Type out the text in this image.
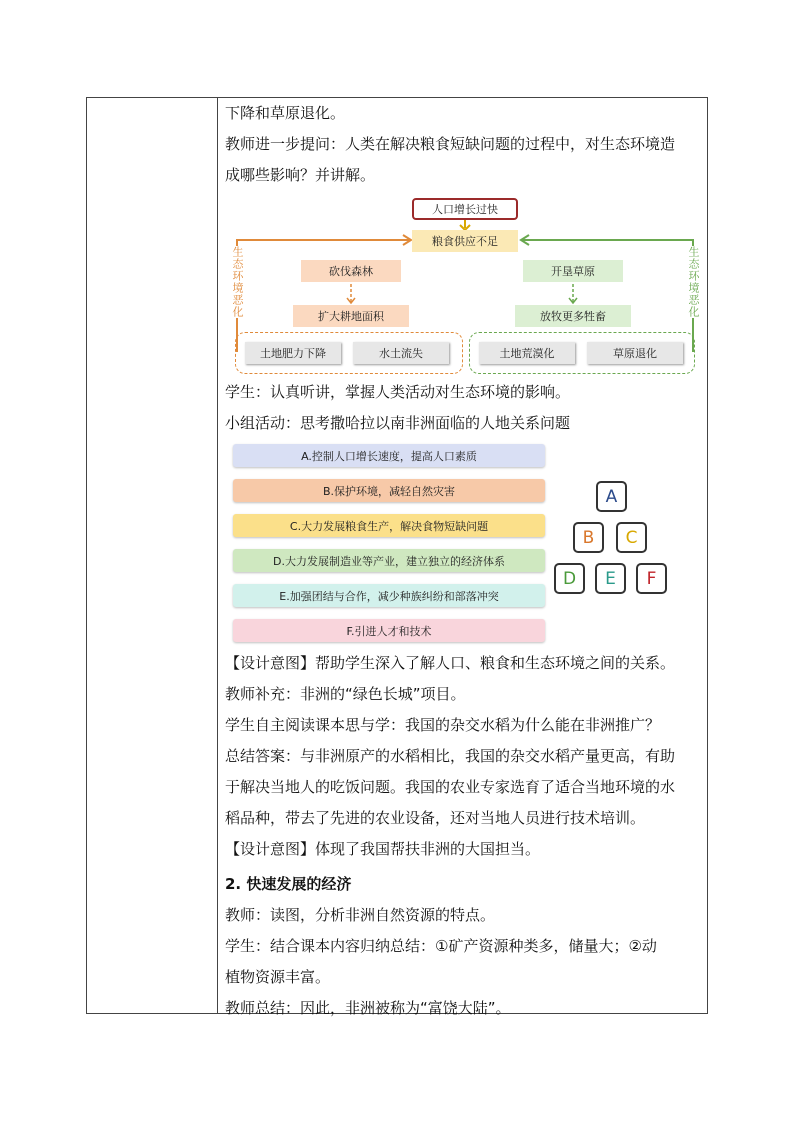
下降和草原退化。
教师进一步提问：人类在解决粮食短缺问题的过程中，对生态环境造
成哪些影响？并讲解。
人口增长过快
粮食供应不足
砍伐森林
扩大耕地面积
开垦草原
放牧更多牲畜
土地肥力下降	水土流失	土地荒漠化	草原退化
生态环境恶化	生态环境恶化
学生：认真听讲，掌握人类活动对生态环境的影响。
小组活动：思考撒哈拉以南非洲面临的人地关系问题
A.控制人口增长速度，提高人口素质
B.保护环境，减轻自然灾害
C.大力发展粮食生产，解决食物短缺问题
D.大力发展制造业等产业，建立独立的经济体系
E.加强团结与合作，减少种族纠纷和部落冲突
F.引进人才和技术
A
B	C
D	E	F
【设计意图】帮助学生深入了解人口、粮食和生态环境之间的关系。
教师补充：非洲的“绿色长城”项目。
学生自主阅读课本思与学：我国的杂交水稻为什么能在非洲推广？
总结答案：与非洲原产的水稻相比，我国的杂交水稻产量更高，有助
于解决当地人的吃饭问题。我国的农业专家选育了适合当地环境的水
稻品种，带去了先进的农业设备，还对当地人员进行技术培训。
【设计意图】体现了我国帮扶非洲的大国担当。
2. 快速发展的经济
教师：读图，分析非洲自然资源的特点。
学生：结合课本内容归纳总结：①矿产资源种类多，储量大；②动
植物资源丰富。
教师总结：因此，非洲被称为“富饶大陆”。
